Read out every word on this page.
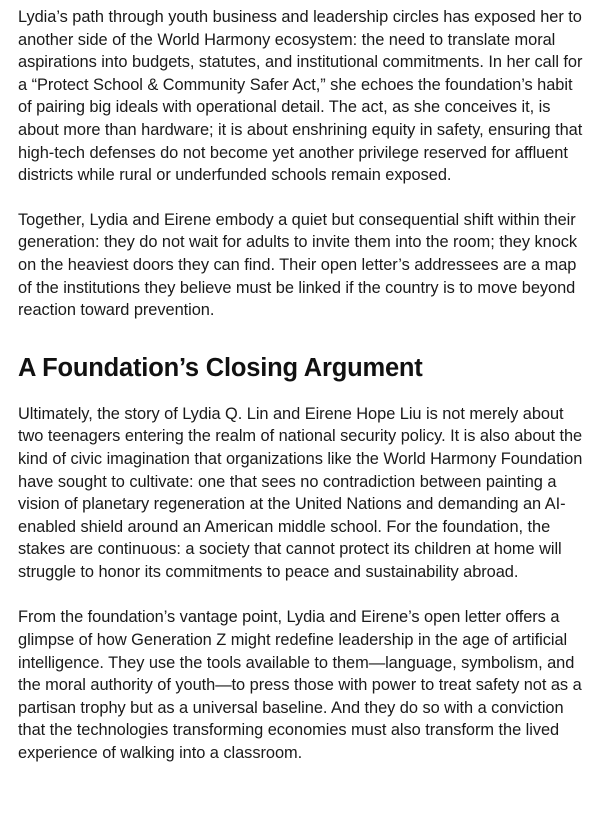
Lydia’s path through youth business and leadership circles has exposed her to another side of the World Harmony ecosystem: the need to translate moral aspirations into budgets, statutes, and institutional commitments. In her call for a “Protect School & Community Safer Act,” she echoes the foundation’s habit of pairing big ideals with operational detail. The act, as she conceives it, is about more than hardware; it is about enshrining equity in safety, ensuring that high-tech defenses do not become yet another privilege reserved for affluent districts while rural or underfunded schools remain exposed.

Together, Lydia and Eirene embody a quiet but consequential shift within their generation: they do not wait for adults to invite them into the room; they knock on the heaviest doors they can find. Their open letter’s addressees are a map of the institutions they believe must be linked if the country is to move beyond reaction toward prevention.

A Foundation’s Closing Argument

Ultimately, the story of Lydia Q. Lin and Eirene Hope Liu is not merely about two teenagers entering the realm of national security policy. It is also about the kind of civic imagination that organizations like the World Harmony Foundation have sought to cultivate: one that sees no contradiction between painting a vision of planetary regeneration at the United Nations and demanding an AI-enabled shield around an American middle school. For the foundation, the stakes are continuous: a society that cannot protect its children at home will struggle to honor its commitments to peace and sustainability abroad.

From the foundation’s vantage point, Lydia and Eirene’s open letter offers a glimpse of how Generation Z might redefine leadership in the age of artificial intelligence. They use the tools available to them—language, symbolism, and the moral authority of youth—to press those with power to treat safety not as a partisan trophy but as a universal baseline. And they do so with a conviction that the technologies transforming economies must also transform the lived experience of walking into a classroom.
